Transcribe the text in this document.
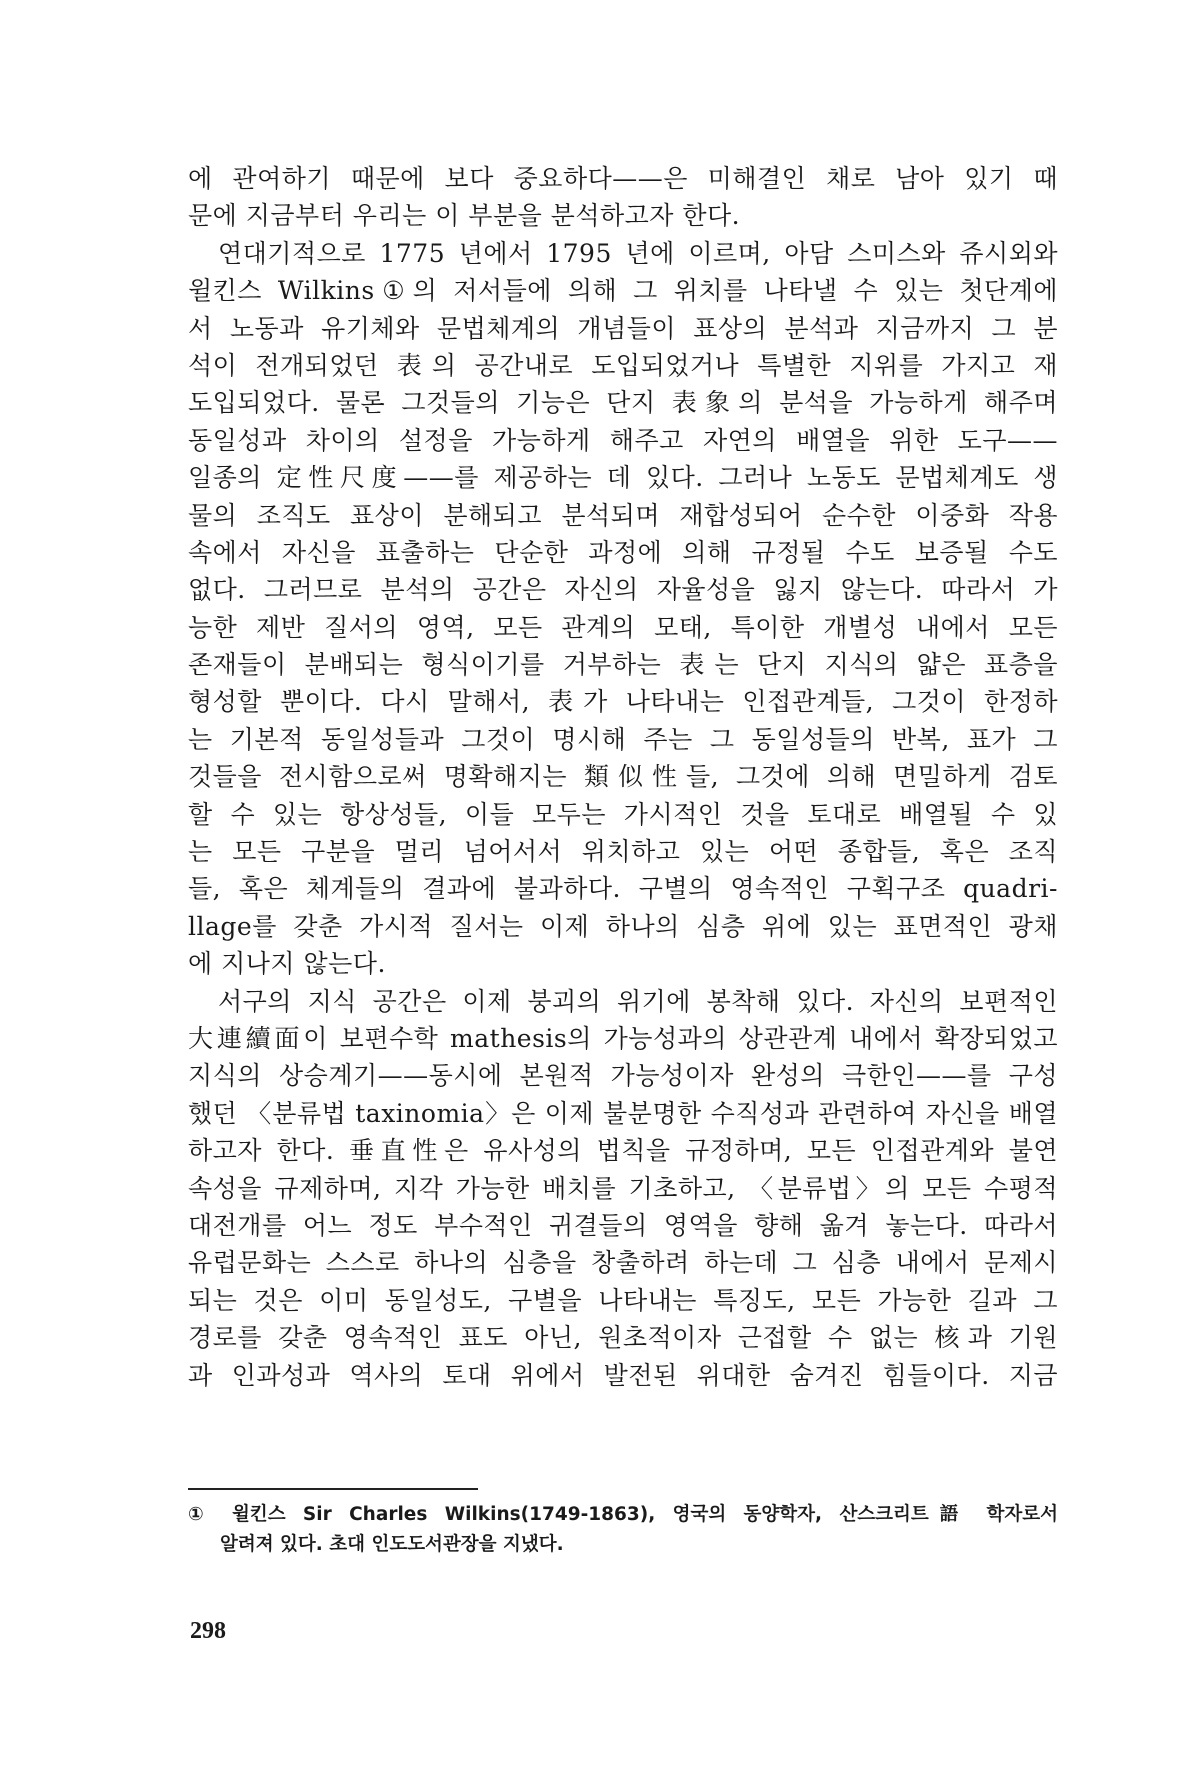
에 관여하기 때문에 보다 중요하다——은 미해결인 채로 남아 있기 때
문에 지금부터 우리는 이 부분을 분석하고자 한다.
연대기적으로 1775 년에서 1795 년에 이르며, 아담 스미스와 쥬시외와
윌킨스 Wilkins①의 저서들에 의해 그 위치를 나타낼 수 있는 첫단계에
서 노동과 유기체와 문법체계의 개념들이 표상의 분석과 지금까지 그 분
석이 전개되었던 表의 공간내로 도입되었거나 특별한 지위를 가지고 재
도입되었다. 물론 그것들의 기능은 단지 表象의 분석을 가능하게 해주며
동일성과 차이의 설정을 가능하게 해주고 자연의 배열을 위한 도구——
일종의 定性尺度——를 제공하는 데 있다. 그러나 노동도 문법체계도 생
물의 조직도 표상이 분해되고 분석되며 재합성되어 순수한 이중화 작용
속에서 자신을 표출하는 단순한 과정에 의해 규정될 수도 보증될 수도
없다. 그러므로 분석의 공간은 자신의 자율성을 잃지 않는다. 따라서 가
능한 제반 질서의 영역, 모든 관계의 모태, 특이한 개별성 내에서 모든
존재들이 분배되는 형식이기를 거부하는 表는 단지 지식의 얇은 표층을
형성할 뿐이다. 다시 말해서, 表가 나타내는 인접관계들, 그것이 한정하
는 기본적 동일성들과 그것이 명시해 주는 그 동일성들의 반복, 표가 그
것들을 전시함으로써 명확해지는 類似性들, 그것에 의해 면밀하게 검토
할 수 있는 항상성들, 이들 모두는 가시적인 것을 토대로 배열될 수 있
는 모든 구분을 멀리 넘어서서 위치하고 있는 어떤 종합들, 혹은 조직
들, 혹은 체계들의 결과에 불과하다. 구별의 영속적인 구획구조 quadri-
llage를 갖춘 가시적 질서는 이제 하나의 심층 위에 있는 표면적인 광채
에 지나지 않는다.
서구의 지식 공간은 이제 붕괴의 위기에 봉착해 있다. 자신의 보편적인
大連續面이 보편수학 mathesis의 가능성과의 상관관계 내에서 확장되었고
지식의 상승계기——동시에 본원적 가능성이자 완성의 극한인——를 구성
했던 〈분류법 taxinomia〉은 이제 불분명한 수직성과 관련하여 자신을 배열
하고자 한다. 垂直性은 유사성의 법칙을 규정하며, 모든 인접관계와 불연
속성을 규제하며, 지각 가능한 배치를 기초하고, 〈분류법〉의 모든 수평적
대전개를 어느 정도 부수적인 귀결들의 영역을 향해 옮겨 놓는다. 따라서
유럽문화는 스스로 하나의 심층을 창출하려 하는데 그 심층 내에서 문제시
되는 것은 이미 동일성도, 구별을 나타내는 특징도, 모든 가능한 길과 그
경로를 갖춘 영속적인 표도 아닌, 원초적이자 근접할 수 없는 核과 기원
과 인과성과 역사의 토대 위에서 발전된 위대한 숨겨진 힘들이다. 지금
① 윌킨스 Sir Charles Wilkins(1749-1863), 영국의 동양학자, 산스크리트語 학자로서
알려져 있다. 초대 인도도서관장을 지냈다.
298
